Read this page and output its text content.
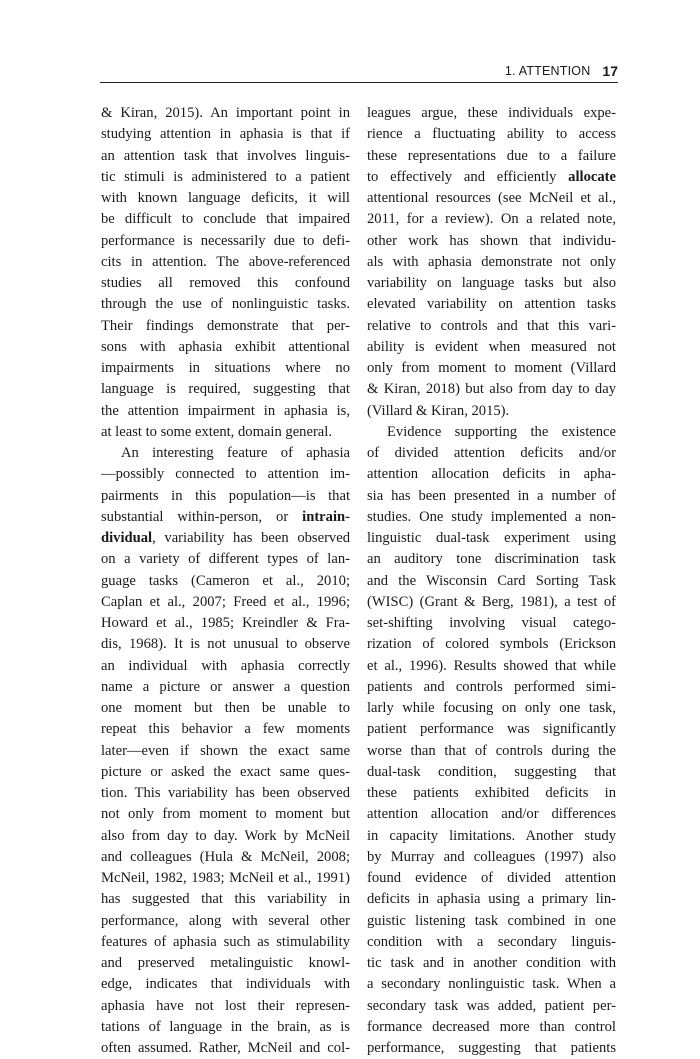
1. ATTENTION 17
& Kiran, 2015). An important point in
studying attention in aphasia is that if
an attention task that involves linguis-
tic stimuli is administered to a patient
with known language deficits, it will
be difficult to conclude that impaired
performance is necessarily due to defi-
cits in attention. The above-referenced
studies all removed this confound
through the use of nonlinguistic tasks.
Their findings demonstrate that per-
sons with aphasia exhibit attentional
impairments in situations where no
language is required, suggesting that
the attention impairment in aphasia is,
at least to some extent, domain general.
An interesting feature of aphasia
—possibly connected to attention im-
pairments in this population—is that
substantial within-person, or intrain-
dividual, variability has been observed
on a variety of different types of lan-
guage tasks (Cameron et al., 2010;
Caplan et al., 2007; Freed et al., 1996;
Howard et al., 1985; Kreindler & Fra-
dis, 1968). It is not unusual to observe
an individual with aphasia correctly
name a picture or answer a question
one moment but then be unable to
repeat this behavior a few moments
later—even if shown the exact same
picture or asked the exact same ques-
tion. This variability has been observed
not only from moment to moment but
also from day to day. Work by McNeil
and colleagues (Hula & McNeil, 2008;
McNeil, 1982, 1983; McNeil et al., 1991)
has suggested that this variability in
performance, along with several other
features of aphasia such as stimulability
and preserved metalinguistic knowl-
edge, indicates that individuals with
aphasia have not lost their represen-
tations of language in the brain, as is
often assumed. Rather, McNeil and col-
leagues argue, these individuals expe-
rience a fluctuating ability to access
these representations due to a failure
to effectively and efficiently allocate
attentional resources (see McNeil et al.,
2011, for a review). On a related note,
other work has shown that individu-
als with aphasia demonstrate not only
variability on language tasks but also
elevated variability on attention tasks
relative to controls and that this vari-
ability is evident when measured not
only from moment to moment (Villard
& Kiran, 2018) but also from day to day
(Villard & Kiran, 2015).
Evidence supporting the existence
of divided attention deficits and/or
attention allocation deficits in apha-
sia has been presented in a number of
studies. One study implemented a non-
linguistic dual-task experiment using
an auditory tone discrimination task
and the Wisconsin Card Sorting Task
(WISC) (Grant & Berg, 1981), a test of
set-shifting involving visual catego-
rization of colored symbols (Erickson
et al., 1996). Results showed that while
patients and controls performed simi-
larly while focusing on only one task,
patient performance was significantly
worse than that of controls during the
dual-task condition, suggesting that
these patients exhibited deficits in
attention allocation and/or differences
in capacity limitations. Another study
by Murray and colleagues (1997) also
found evidence of divided attention
deficits in aphasia using a primary lin-
guistic listening task combined in one
condition with a secondary linguis-
tic task and in another condition with
a secondary nonlinguistic task. When a
secondary task was added, patient per-
formance decreased more than control
performance, suggesting that patients
